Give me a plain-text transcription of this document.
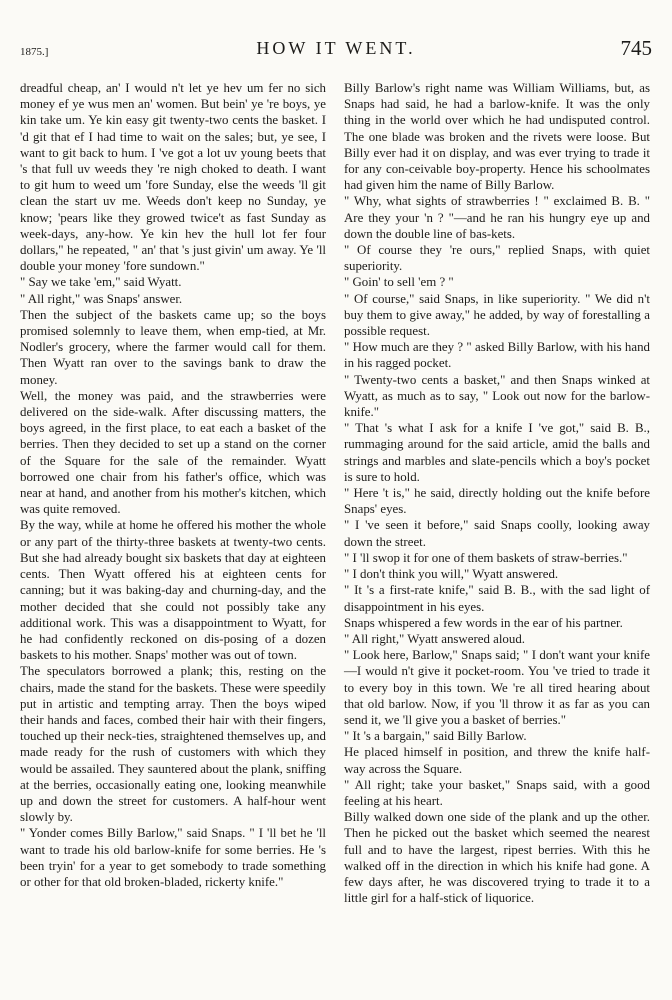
1875.]	HOW IT WENT.	745

dreadful cheap, an' I would n't let ye hev um fer no sich money ef ye wus men an' women. But bein' ye 're boys, ye kin take um. Ye kin easy git twenty-two cents the basket. I 'd git that ef I had time to wait on the sales; but, ye see, I want to git back to hum. I 've got a lot uv young beets that 's that full uv weeds they 're nigh choked to death. I want to git hum to weed um 'fore Sunday, else the weeds 'll git clean the start uv me. Weeds don't keep no Sunday, ye know; 'pears like they growed twice't as fast Sunday as week-days, any-how. Ye kin hev the hull lot fer four dollars," he repeated, " an' that 's just givin' um away. Ye 'll double your money 'fore sundown."

" Say we take 'em," said Wyatt.

" All right," was Snaps' answer.

Then the subject of the baskets came up; so the boys promised solemnly to leave them, when emp-tied, at Mr. Nodler's grocery, where the farmer would call for them. Then Wyatt ran over to the savings bank to draw the money.

Well, the money was paid, and the strawberries were delivered on the side-walk. After discussing matters, the boys agreed, in the first place, to eat each a basket of the berries. Then they decided to set up a stand on the corner of the Square for the sale of the remainder. Wyatt borrowed one chair from his father's office, which was near at hand, and another from his mother's kitchen, which was quite removed.

By the way, while at home he offered his mother the whole or any part of the thirty-three baskets at twenty-two cents. But she had already bought six baskets that day at eighteen cents. Then Wyatt offered his at eighteen cents for canning; but it was baking-day and churning-day, and the mother decided that she could not possibly take any additional work. This was a disappointment to Wyatt, for he had confidently reckoned on dis-posing of a dozen baskets to his mother. Snaps' mother was out of town.

The speculators borrowed a plank; this, resting on the chairs, made the stand for the baskets. These were speedily put in artistic and tempting array. Then the boys wiped their hands and faces, combed their hair with their fingers, touched up their neck-ties, straightened themselves up, and made ready for the rush of customers with which they would be assailed. They sauntered about the plank, sniffing at the berries, occasionally eating one, looking meanwhile up and down the street for customers. A half-hour went slowly by.

" Yonder comes Billy Barlow," said Snaps. " I 'll bet he 'll want to trade his old barlow-knife for some berries. He 's been tryin' for a year to get somebody to trade something or other for that old broken-bladed, rickerty knife."

Billy Barlow's right name was William Williams, but, as Snaps had said, he had a barlow-knife. It was the only thing in the world over which he had undisputed control. The one blade was broken and the rivets were loose. But Billy ever had it on display, and was ever trying to trade it for any con-ceivable boy-property. Hence his schoolmates had given him the name of Billy Barlow.

" Why, what sights of strawberries ! " exclaimed B. B. " Are they your 'n ? "—and he ran his hungry eye up and down the double line of bas-kets.

" Of course they 're ours," replied Snaps, with quiet superiority.

" Goin' to sell 'em ? "

" Of course," said Snaps, in like superiority. " We did n't buy them to give away," he added, by way of forestalling a possible request.

" How much are they ? " asked Billy Barlow, with his hand in his ragged pocket.

" Twenty-two cents a basket," and then Snaps winked at Wyatt, as much as to say, " Look out now for the barlow-knife."

" That 's what I ask for a knife I 've got," said B. B., rummaging around for the said article, amid the balls and strings and marbles and slate-pencils which a boy's pocket is sure to hold.

" Here 't is," he said, directly holding out the knife before Snaps' eyes.

" I 've seen it before," said Snaps coolly, looking away down the street.

" I 'll swop it for one of them baskets of straw-berries."

" I don't think you will," Wyatt answered.

" It 's a first-rate knife," said B. B., with the sad light of disappointment in his eyes.

Snaps whispered a few words in the ear of his partner.

" All right," Wyatt answered aloud.

" Look here, Barlow," Snaps said; " I don't want your knife—I would n't give it pocket-room. You 've tried to trade it to every boy in this town. We 're all tired hearing about that old barlow. Now, if you 'll throw it as far as you can send it, we 'll give you a basket of berries."

" It 's a bargain," said Billy Barlow.

He placed himself in position, and threw the knife half-way across the Square.

" All right; take your basket," Snaps said, with a good feeling at his heart.

Billy walked down one side of the plank and up the other. Then he picked out the basket which seemed the nearest full and to have the largest, ripest berries. With this he walked off in the direction in which his knife had gone. A few days after, he was discovered trying to trade it to a little girl for a half-stick of liquorice.
